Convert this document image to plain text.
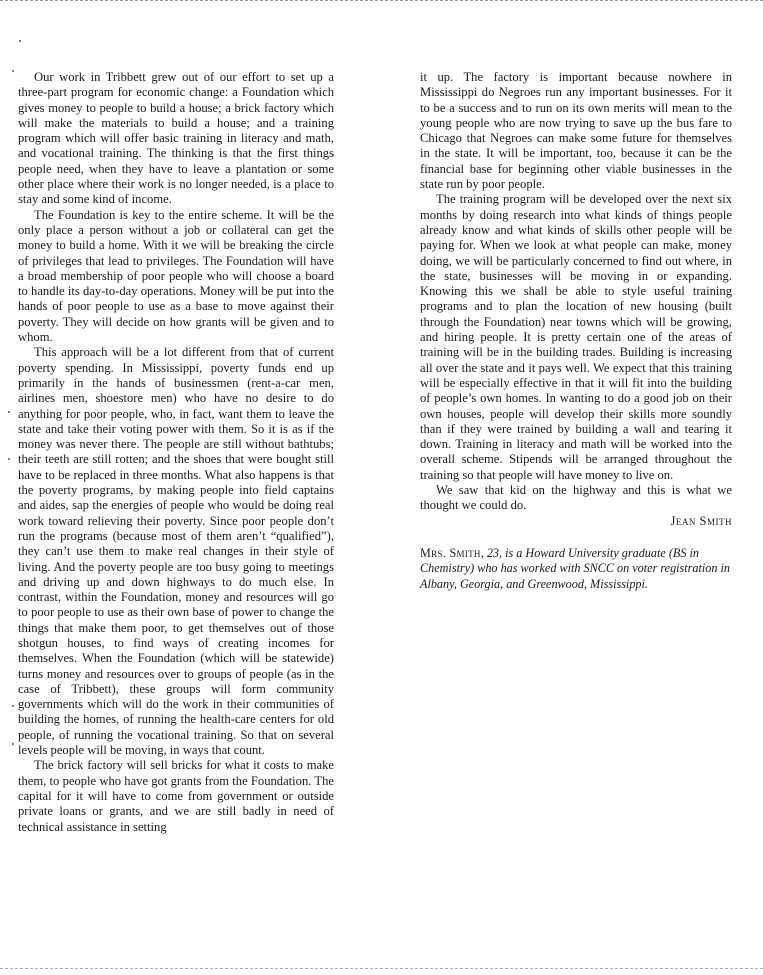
Our work in Tribbett grew out of our effort to set up a three-part program for economic change: a Foundation which gives money to people to build a house; a brick factory which will make the materials to build a house; and a training program which will offer basic training in literacy and math, and vocational training. The thinking is that the first things people need, when they have to leave a plantation or some other place where their work is no longer needed, is a place to stay and some kind of income.

The Foundation is key to the entire scheme. It will be the only place a person without a job or collateral can get the money to build a home. With it we will be breaking the circle of privileges that lead to privileges. The Foundation will have a broad membership of poor people who will choose a board to handle its day-to-day operations. Money will be put into the hands of poor people to use as a base to move against their poverty. They will decide on how grants will be given and to whom.

This approach will be a lot different from that of current poverty spending. In Mississippi, poverty funds end up primarily in the hands of businessmen (rent-a-car men, airlines men, shoestore men) who have no desire to do anything for poor people, who, in fact, want them to leave the state and take their voting power with them. So it is as if the money was never there. The people are still without bathtubs; their teeth are still rotten; and the shoes that were bought still have to be replaced in three months. What also happens is that the poverty programs, by making people into field captains and aides, sap the energies of people who would be doing real work toward relieving their poverty. Since poor people don’t run the programs (because most of them aren’t “qualified”), they can’t use them to make real changes in their style of living. And the poverty people are too busy going to meetings and driving up and down highways to do much else. In contrast, within the Foundation, money and resources will go to poor people to use as their own base of power to change the things that make them poor, to get themselves out of those shotgun houses, to find ways of creating incomes for themselves. When the Foundation (which will be statewide) turns money and resources over to groups of people (as in the case of Tribbett), these groups will form community governments which will do the work in their communities of building the homes, of running the health-care centers for old people, of running the vocational training. So that on several levels people will be moving, in ways that count.

The brick factory will sell bricks for what it costs to make them, to people who have got grants from the Foundation. The capital for it will have to come from government or outside private loans or grants, and we are still badly in need of technical assistance in setting

it up. The factory is important because nowhere in Mississippi do Negroes run any important businesses. For it to be a success and to run on its own merits will mean to the young people who are now trying to save up the bus fare to Chicago that Negroes can make some future for themselves in the state. It will be important, too, because it can be the financial base for beginning other viable businesses in the state run by poor people.

The training program will be developed over the next six months by doing research into what kinds of things people already know and what kinds of skills other people will be paying for. When we look at what people can make, money doing, we will be particularly concerned to find out where, in the state, businesses will be moving in or expanding. Knowing this we shall be able to style useful training programs and to plan the location of new housing (built through the Foundation) near towns which will be growing, and hiring people. It is pretty certain one of the areas of training will be in the building trades. Building is increasing all over the state and it pays well. We expect that this training will be especially effective in that it will fit into the building of people’s own homes. In wanting to do a good job on their own houses, people will develop their skills more soundly than if they were trained by building a wall and tearing it down. Training in literacy and math will be worked into the overall scheme. Stipends will be arranged throughout the training so that people will have money to live on.

We saw that kid on the highway and this is what we thought we could do.

Jean Smith
Mrs. Smith, 23, is a Howard University graduate (BS in Chemistry) who has worked with SNCC on voter registration in Albany, Georgia, and Greenwood, Mississippi.
